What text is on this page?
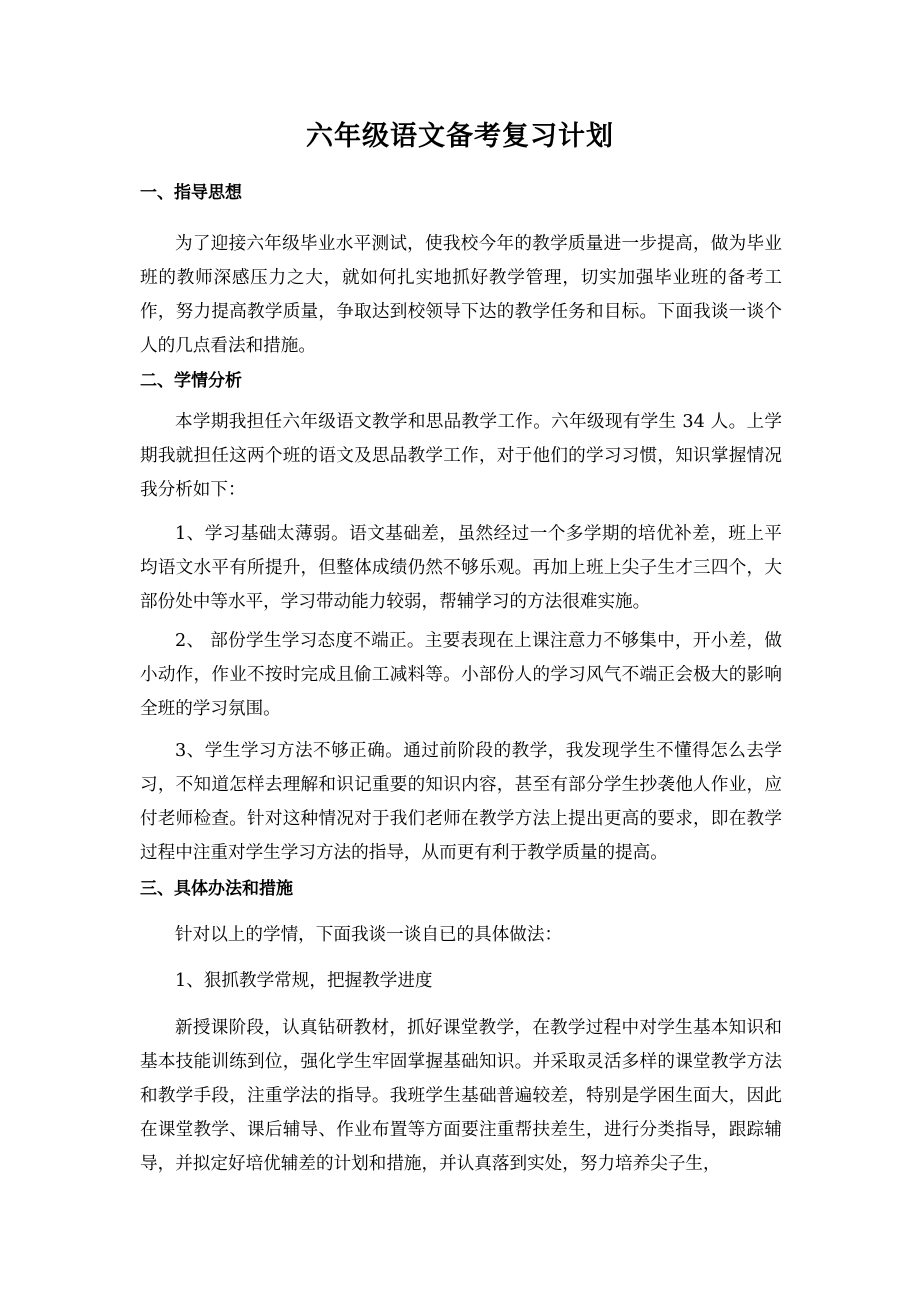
六年级语文备考复习计划
一、指导思想

为了迎接六年级毕业水平测试，使我校今年的教学质量进一步提高，做为毕业班的教师深感压力之大，就如何扎实地抓好教学管理，切实加强毕业班的备考工作，努力提高教学质量，争取达到校领导下达的教学任务和目标。下面我谈一谈个人的几点看法和措施。

二、学情分析

本学期我担任六年级语文教学和思品教学工作。六年级现有学生 34 人。上学期我就担任这两个班的语文及思品教学工作，对于他们的学习习惯，知识掌握情况我分析如下：

1、学习基础太薄弱。语文基础差，虽然经过一个多学期的培优补差，班上平均语文水平有所提升，但整体成绩仍然不够乐观。再加上班上尖子生才三四个，大部份处中等水平，学习带动能力较弱，帮辅学习的方法很难实施。

2、 部份学生学习态度不端正。主要表现在上课注意力不够集中，开小差，做小动作，作业不按时完成且偷工减料等。小部份人的学习风气不端正会极大的影响全班的学习氛围。

3、学生学习方法不够正确。通过前阶段的教学，我发现学生不懂得怎么去学习，不知道怎样去理解和识记重要的知识内容，甚至有部分学生抄袭他人作业，应付老师检查。针对这种情况对于我们老师在教学方法上提出更高的要求，即在教学过程中注重对学生学习方法的指导，从而更有利于教学质量的提高。

三、具体办法和措施

针对以上的学情，下面我谈一谈自已的具体做法：

1、狠抓教学常规，把握教学进度

新授课阶段，认真钻研教材，抓好课堂教学，在教学过程中对学生基本知识和基本技能训练到位，强化学生牢固掌握基础知识。并采取灵活多样的课堂教学方法和教学手段，注重学法的指导。我班学生基础普遍较差，特别是学困生面大，因此在课堂教学、课后辅导、作业布置等方面要注重帮扶差生，进行分类指导，跟踪辅导，并拟定好培优辅差的计划和措施，并认真落到实处，努力培养尖子生，
